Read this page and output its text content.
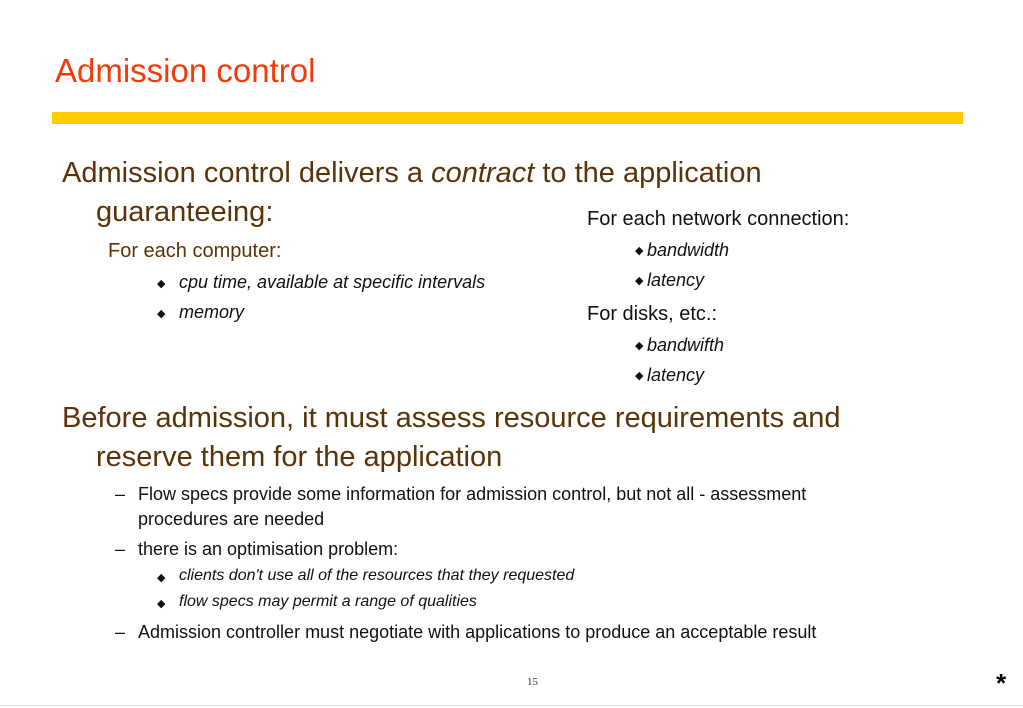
Admission control
Admission control delivers a contract to the application
guaranteeing:
For each computer:
◆ cpu time, available at specific intervals
◆ memory
For each network connection:
◆ bandwidth
◆ latency
For disks, etc.:
◆ bandwifth
◆ latency
Before admission, it must assess resource requirements and
reserve them for the application
– Flow specs provide some information for admission control, but not all - assessment
procedures are needed
– there is an optimisation problem:
◆ clients don't use all of the resources that they requested
◆ flow specs may permit a range of qualities
– Admission controller must negotiate with applications to produce an acceptable result
15	*
